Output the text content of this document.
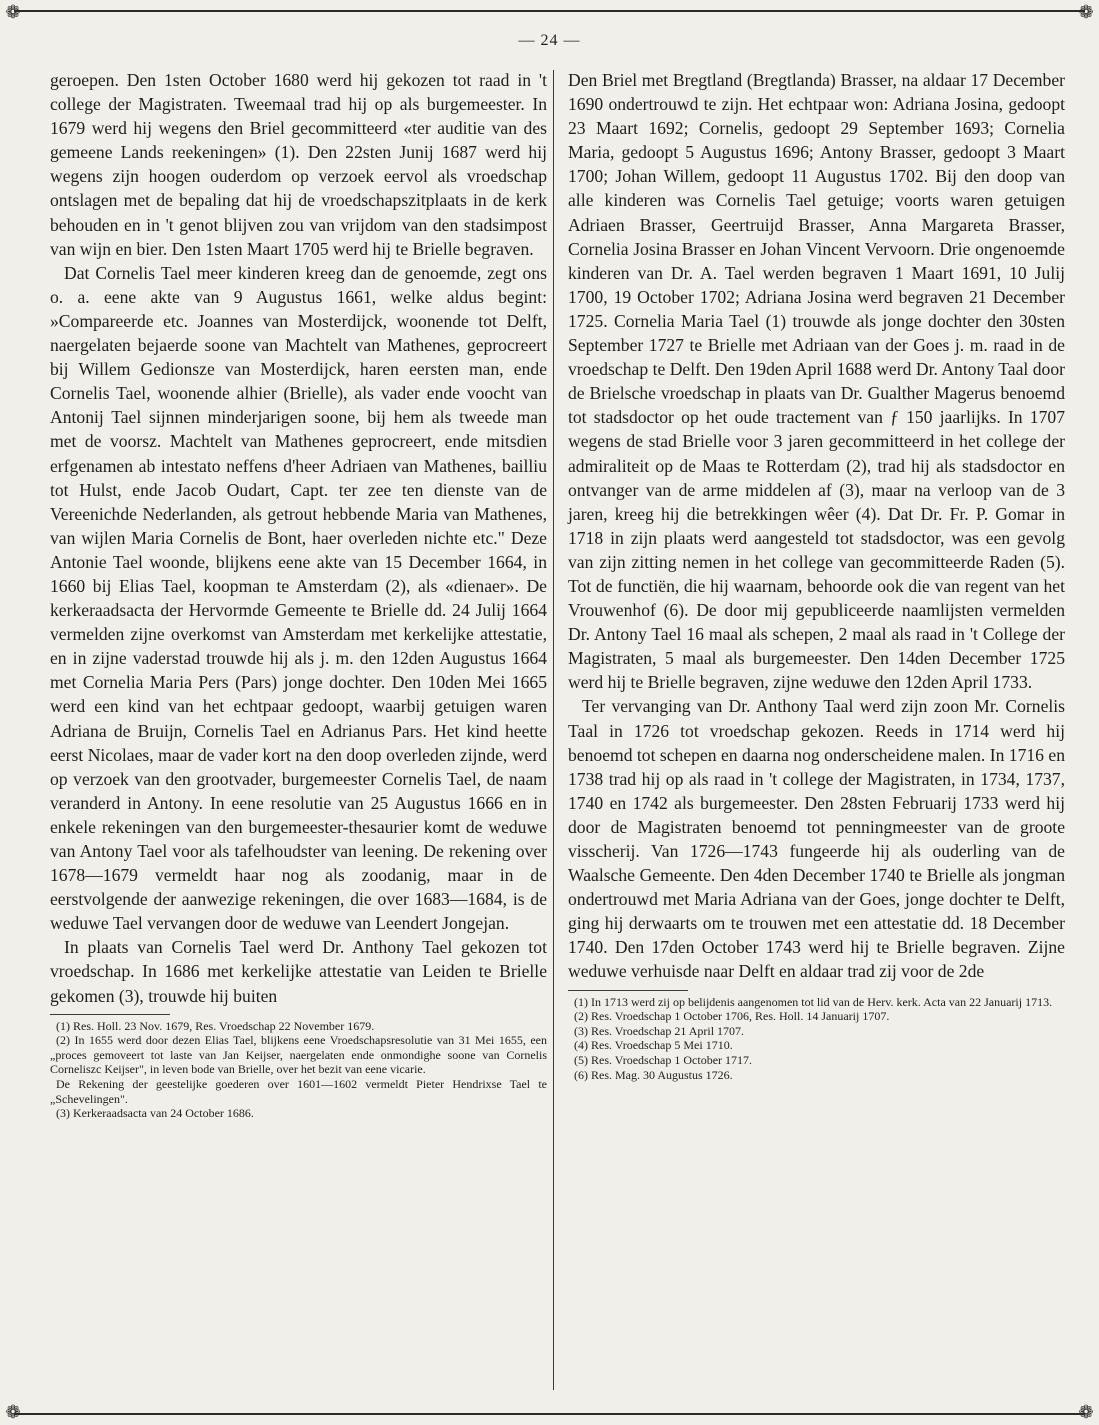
❁	❁
❁	❁
— 24 —

geroepen. Den 1sten October 1680 werd hij gekozen tot raad in 't college der Magistraten. Tweemaal trad hij op als burgemeester. In 1679 werd hij wegens den Briel gecommitteerd «ter auditie van des gemeene Lands reekeningen» (1). Den 22sten Junij 1687 werd hij wegens zijn hoogen ouderdom op verzoek eervol als vroedschap ontslagen met de bepaling dat hij de vroedschapszitplaats in de kerk behouden en in 't genot blijven zou van vrijdom van den stadsimpost van wijn en bier. Den 1sten Maart 1705 werd hij te Brielle begraven.

Dat Cornelis Tael meer kinderen kreeg dan de genoemde, zegt ons o. a. eene akte van 9 Augustus 1661, welke aldus begint: »Compareerde etc. Joannes van Mosterdijck, woonende tot Delft, naergelaten bejaerde soone van Machtelt van Mathenes, geprocreert bij Willem Gedionsze van Mosterdijck, haren eersten man, ende Cornelis Tael, woonende alhier (Brielle), als vader ende voocht van Antonij Tael sijnnen minderjarigen soone, bij hem als tweede man met de voorsz. Machtelt van Mathenes geprocreert, ende mitsdien erfgenamen ab intestato neffens d'heer Adriaen van Mathenes, bailliu tot Hulst, ende Jacob Oudart, Capt. ter zee ten dienste van de Vereenichde Nederlanden, als getrout hebbende Maria van Mathenes, van wijlen Maria Cornelis de Bont, haer overleden nichte etc." Deze Antonie Tael woonde, blijkens eene akte van 15 December 1664, in 1660 bij Elias Tael, koopman te Amsterdam (2), als «dienaer». De kerkeraadsacta der Hervormde Gemeente te Brielle dd. 24 Julij 1664 vermelden zijne overkomst van Amsterdam met kerkelijke attestatie, en in zijne vaderstad trouwde hij als j. m. den 12den Augustus 1664 met Cornelia Maria Pers (Pars) jonge dochter. Den 10den Mei 1665 werd een kind van het echtpaar gedoopt, waarbij getuigen waren Adriana de Bruijn, Cornelis Tael en Adrianus Pars. Het kind heette eerst Nicolaes, maar de vader kort na den doop overleden zijnde, werd op verzoek van den grootvader, burgemeester Cornelis Tael, de naam veranderd in Antony. In eene resolutie van 25 Augustus 1666 en in enkele rekeningen van den burgemeester-thesaurier komt de weduwe van Antony Tael voor als tafelhoudster van leening. De rekening over 1678—1679 vermeldt haar nog als zoodanig, maar in de eerstvolgende der aanwezige rekeningen, die over 1683—1684, is de weduwe Tael vervangen door de weduwe van Leendert Jongejan.

In plaats van Cornelis Tael werd Dr. Anthony Tael gekozen tot vroedschap. In 1686 met kerkelijke attestatie van Leiden te Brielle gekomen (3), trouwde hij buiten

(1) Res. Holl. 23 Nov. 1679, Res. Vroedschap 22 November 1679.

(2) In 1655 werd door dezen Elias Tael, blijkens eene Vroedschapsresolutie van 31 Mei 1655, een „proces gemoveert tot laste van Jan Keijser, naergelaten ende onmondighe soone van Cornelis Corneliszc Keijser", in leven bode van Brielle, over het bezit van eene vicarie.

De Rekening der geestelijke goederen over 1601—1602 vermeldt Pieter Hendrixse Tael te „Schevelingen".

(3) Kerkeraadsacta van 24 October 1686.

Den Briel met Bregtland (Bregtlanda) Brasser, na aldaar 17 December 1690 ondertrouwd te zijn. Het echtpaar won: Adriana Josina, gedoopt 23 Maart 1692; Cornelis, gedoopt 29 September 1693; Cornelia Maria, gedoopt 5 Augustus 1696; Antony Brasser, gedoopt 3 Maart 1700; Johan Willem, gedoopt 11 Augustus 1702. Bij den doop van alle kinderen was Cornelis Tael getuige; voorts waren getuigen Adriaen Brasser, Geertruijd Brasser, Anna Margareta Brasser, Cornelia Josina Brasser en Johan Vincent Vervoorn. Drie ongenoemde kinderen van Dr. A. Tael werden begraven 1 Maart 1691, 10 Julij 1700, 19 October 1702; Adriana Josina werd begraven 21 December 1725. Cornelia Maria Tael (1) trouwde als jonge dochter den 30sten September 1727 te Brielle met Adriaan van der Goes j. m. raad in de vroedschap te Delft. Den 19den April 1688 werd Dr. Antony Taal door de Brielsche vroedschap in plaats van Dr. Gualther Magerus benoemd tot stadsdoctor op het oude tractement van ƒ 150 jaarlijks. In 1707 wegens de stad Brielle voor 3 jaren gecommitteerd in het college der admiraliteit op de Maas te Rotterdam (2), trad hij als stadsdoctor en ontvanger van de arme middelen af (3), maar na verloop van de 3 jaren, kreeg hij die betrekkingen wêer (4). Dat Dr. Fr. P. Gomar in 1718 in zijn plaats werd aangesteld tot stadsdoctor, was een gevolg van zijn zitting nemen in het college van gecommitteerde Raden (5). Tot de functiën, die hij waarnam, behoorde ook die van regent van het Vrouwenhof (6). De door mij gepubliceerde naamlijsten vermelden Dr. Antony Tael 16 maal als schepen, 2 maal als raad in 't College der Magistraten, 5 maal als burgemeester. Den 14den December 1725 werd hij te Brielle begraven, zijne weduwe den 12den April 1733.

Ter vervanging van Dr. Anthony Taal werd zijn zoon Mr. Cornelis Taal in 1726 tot vroedschap gekozen. Reeds in 1714 werd hij benoemd tot schepen en daarna nog onderscheidene malen. In 1716 en 1738 trad hij op als raad in 't college der Magistraten, in 1734, 1737, 1740 en 1742 als burgemeester. Den 28sten Februarij 1733 werd hij door de Magistraten benoemd tot penningmeester van de groote visscherij. Van 1726—1743 fungeerde hij als ouderling van de Waalsche Gemeente. Den 4den December 1740 te Brielle als jongman ondertrouwd met Maria Adriana van der Goes, jonge dochter te Delft, ging hij derwaarts om te trouwen met een attestatie dd. 18 December 1740. Den 17den October 1743 werd hij te Brielle begraven. Zijne weduwe verhuisde naar Delft en aldaar trad zij voor de 2de

(1) In 1713 werd zij op belijdenis aangenomen tot lid van de Herv. kerk. Acta van 22 Januarij 1713.

(2) Res. Vroedschap 1 October 1706, Res. Holl. 14 Januarij 1707.

(3) Res. Vroedschap 21 April 1707.

(4) Res. Vroedschap 5 Mei 1710.

(5) Res. Vroedschap 1 October 1717.

(6) Res. Mag. 30 Augustus 1726.
